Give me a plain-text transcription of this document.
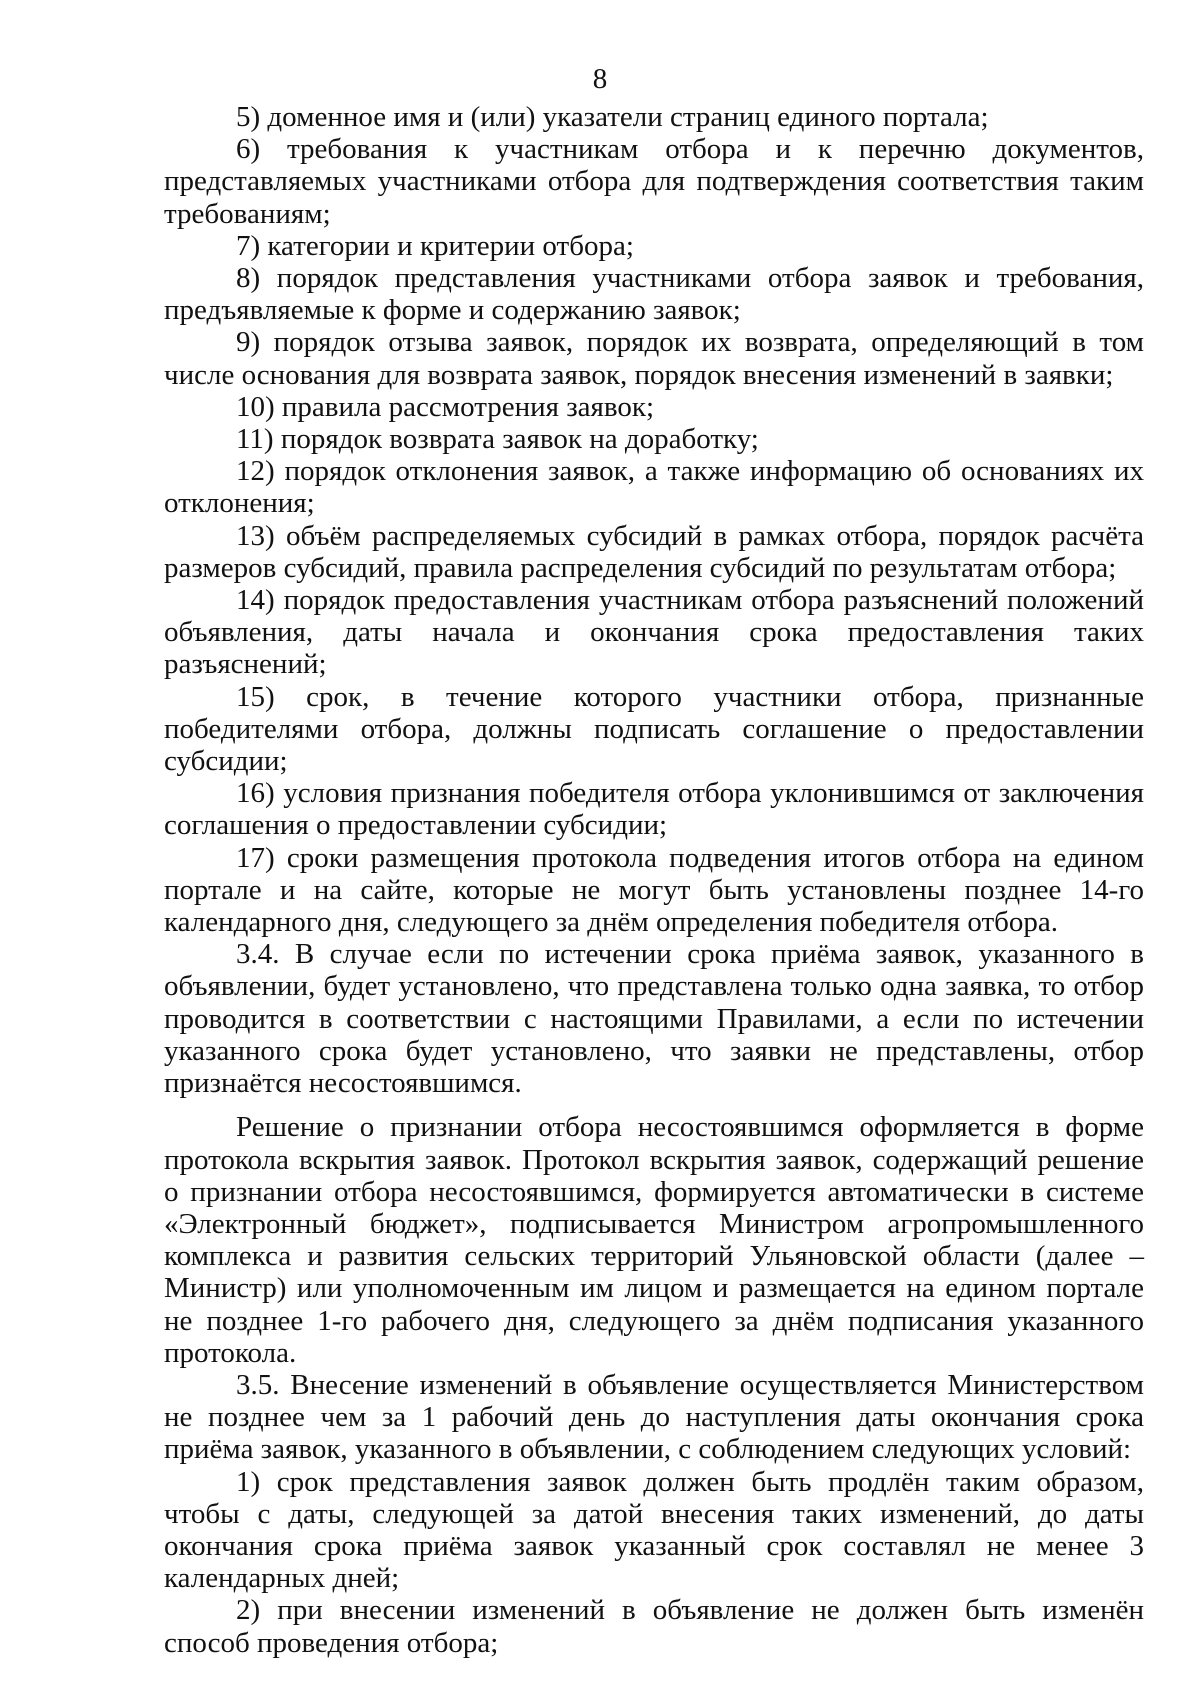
8

5) доменное имя и (или) указатели страниц единого портала;

6) требования к участникам отбора и к перечню документов, представляемых участниками отбора для подтверждения соответствия таким требованиям;

7) категории и критерии отбора;

8) порядок представления участниками отбора заявок и требования, предъявляемые к форме и содержанию заявок;

9) порядок отзыва заявок, порядок их возврата, определяющий в том числе основания для возврата заявок, порядок внесения изменений в заявки;

10) правила рассмотрения заявок;

11) порядок возврата заявок на доработку;

12) порядок отклонения заявок, а также информацию об основаниях их отклонения;

13) объём распределяемых субсидий в рамках отбора, порядок расчёта размеров субсидий, правила распределения субсидий по результатам отбора;

14) порядок предоставления участникам отбора разъяснений положений объявления, даты начала и окончания срока предоставления таких разъяснений;

15) срок, в течение которого участники отбора, признанные победителями отбора, должны подписать соглашение о предоставлении субсидии;

16) условия признания победителя отбора уклонившимся от заключения соглашения о предоставлении субсидии;

17) сроки размещения протокола подведения итогов отбора на едином портале и на сайте, которые не могут быть установлены позднее 14-го календарного дня, следующего за днём определения победителя отбора.

3.4. В случае если по истечении срока приёма заявок, указанного в объявлении, будет установлено, что представлена только одна заявка, то отбор проводится в соответствии с настоящими Правилами, а если по истечении указанного срока будет установлено, что заявки не представлены, отбор признаётся несостоявшимся.

Решение о признании отбора несостоявшимся оформляется в форме протокола вскрытия заявок. Протокол вскрытия заявок, содержащий решение о признании отбора несостоявшимся, формируется автоматически в системе «Электронный бюджет», подписывается Министром агропромышленного комплекса и развития сельских территорий Ульяновской области (далее – Министр) или уполномоченным им лицом и размещается на едином портале не позднее 1-го рабочего дня, следующего за днём подписания указанного протокола.

3.5. Внесение изменений в объявление осуществляется Министерством не позднее чем за 1 рабочий день до наступления даты окончания срока приёма заявок, указанного в объявлении, с соблюдением следующих условий:

1) срок представления заявок должен быть продлён таким образом, чтобы с даты, следующей за датой внесения таких изменений, до даты окончания срока приёма заявок указанный срок составлял не менее 3 календарных дней;

2) при внесении изменений в объявление не должен быть изменён способ проведения отбора;
